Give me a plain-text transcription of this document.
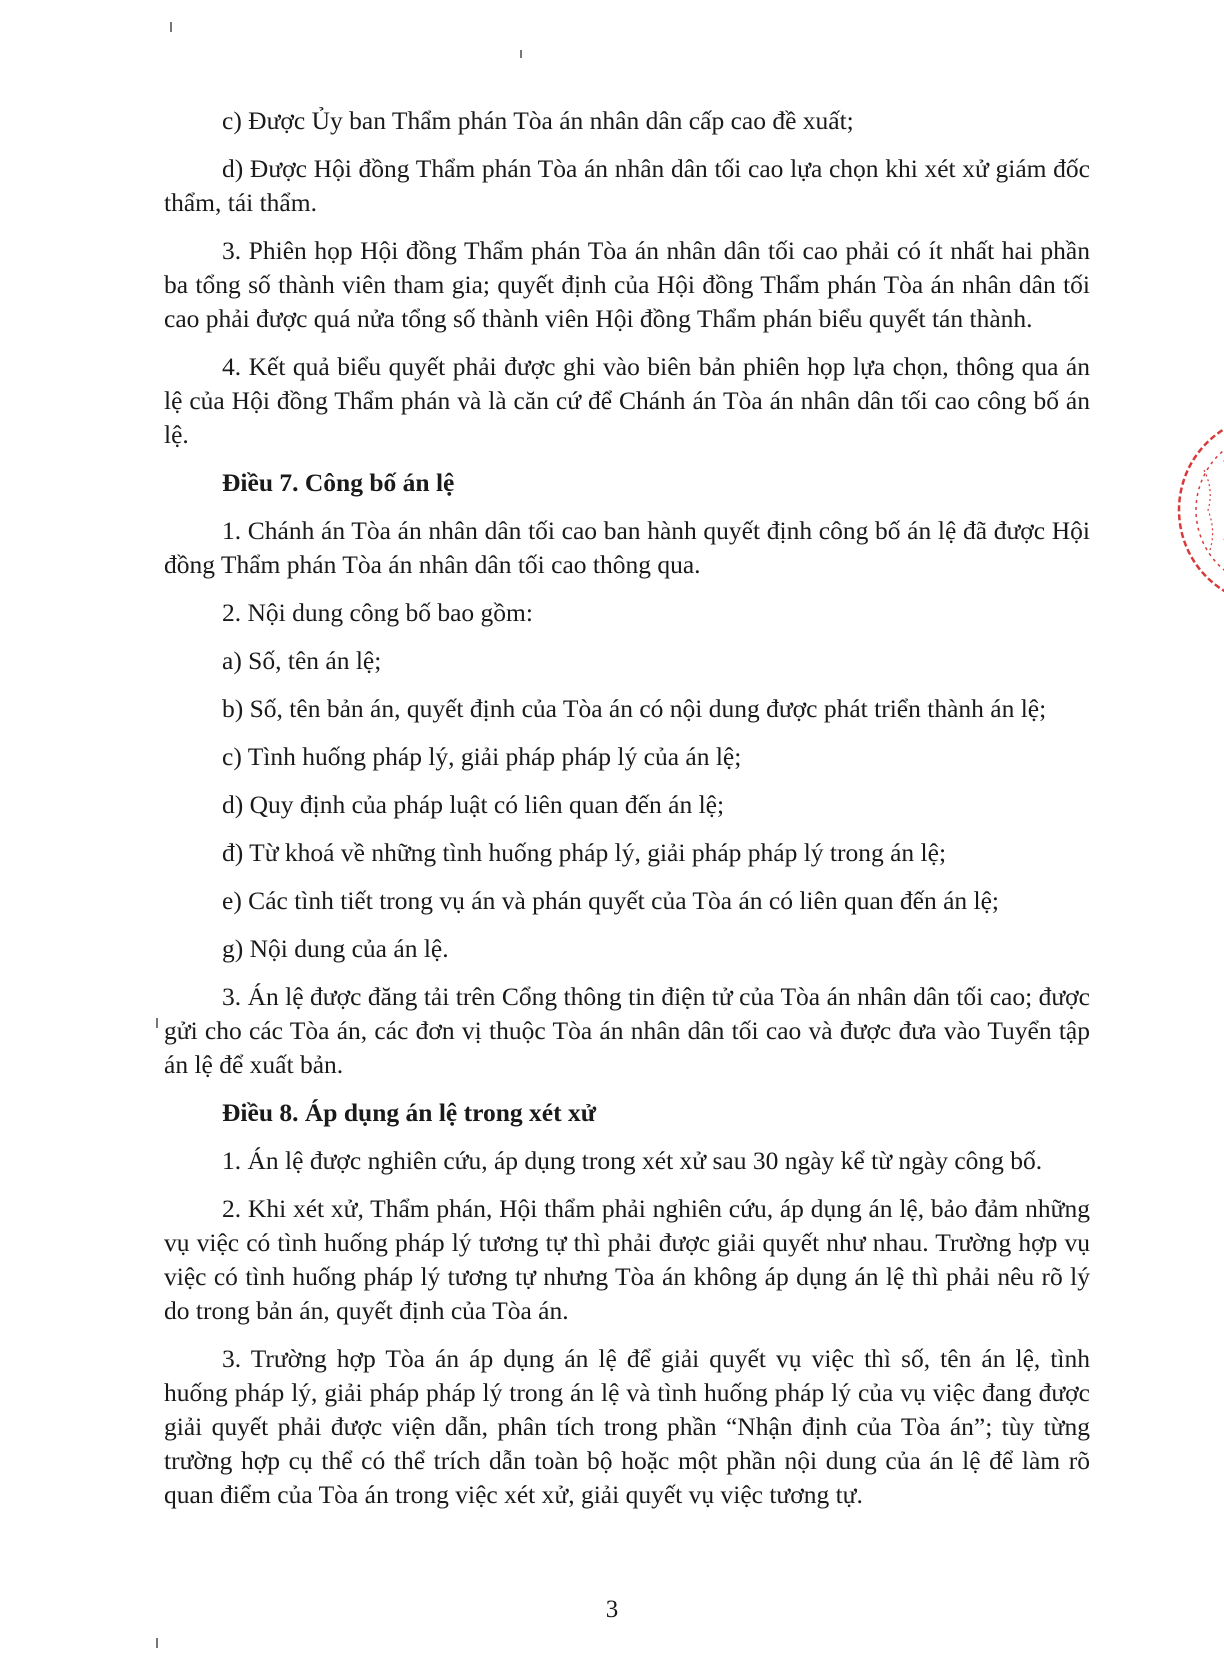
c) Được Ủy ban Thẩm phán Tòa án nhân dân cấp cao đề xuất;

d) Được Hội đồng Thẩm phán Tòa án nhân dân tối cao lựa chọn khi xét xử giám đốc thẩm, tái thẩm.

3. Phiên họp Hội đồng Thẩm phán Tòa án nhân dân tối cao phải có ít nhất hai phần ba tổng số thành viên tham gia; quyết định của Hội đồng Thẩm phán Tòa án nhân dân tối cao phải được quá nửa tổng số thành viên Hội đồng Thẩm phán biểu quyết tán thành.

4. Kết quả biểu quyết phải được ghi vào biên bản phiên họp lựa chọn, thông qua án lệ của Hội đồng Thẩm phán và là căn cứ để Chánh án Tòa án nhân dân tối cao công bố án lệ.

Điều 7. Công bố án lệ

1. Chánh án Tòa án nhân dân tối cao ban hành quyết định công bố án lệ đã được Hội đồng Thẩm phán Tòa án nhân dân tối cao thông qua.

2. Nội dung công bố bao gồm:

a) Số, tên án lệ;

b) Số, tên bản án, quyết định của Tòa án có nội dung được phát triển thành án lệ;

c) Tình huống pháp lý, giải pháp pháp lý của án lệ;

d) Quy định của pháp luật có liên quan đến án lệ;

đ) Từ khoá về những tình huống pháp lý, giải pháp pháp lý trong án lệ;

e) Các tình tiết trong vụ án và phán quyết của Tòa án có liên quan đến án lệ;

g) Nội dung của án lệ.

3. Án lệ được đăng tải trên Cổng thông tin điện tử của Tòa án nhân dân tối cao; được gửi cho các Tòa án, các đơn vị thuộc Tòa án nhân dân tối cao và được đưa vào Tuyển tập án lệ để xuất bản.

Điều 8. Áp dụng án lệ trong xét xử

1. Án lệ được nghiên cứu, áp dụng trong xét xử sau 30 ngày kể từ ngày công bố.

2. Khi xét xử, Thẩm phán, Hội thẩm phải nghiên cứu, áp dụng án lệ, bảo đảm những vụ việc có tình huống pháp lý tương tự thì phải được giải quyết như nhau. Trường hợp vụ việc có tình huống pháp lý tương tự nhưng Tòa án không áp dụng án lệ thì phải nêu rõ lý do trong bản án, quyết định của Tòa án.

3. Trường hợp Tòa án áp dụng án lệ để giải quyết vụ việc thì số, tên án lệ, tình huống pháp lý, giải pháp pháp lý trong án lệ và tình huống pháp lý của vụ việc đang được giải quyết phải được viện dẫn, phân tích trong phần “Nhận định của Tòa án”; tùy từng trường hợp cụ thể có thể trích dẫn toàn bộ hoặc một phần nội dung của án lệ để làm rõ quan điểm của Tòa án trong việc xét xử, giải quyết vụ việc tương tự.

3
